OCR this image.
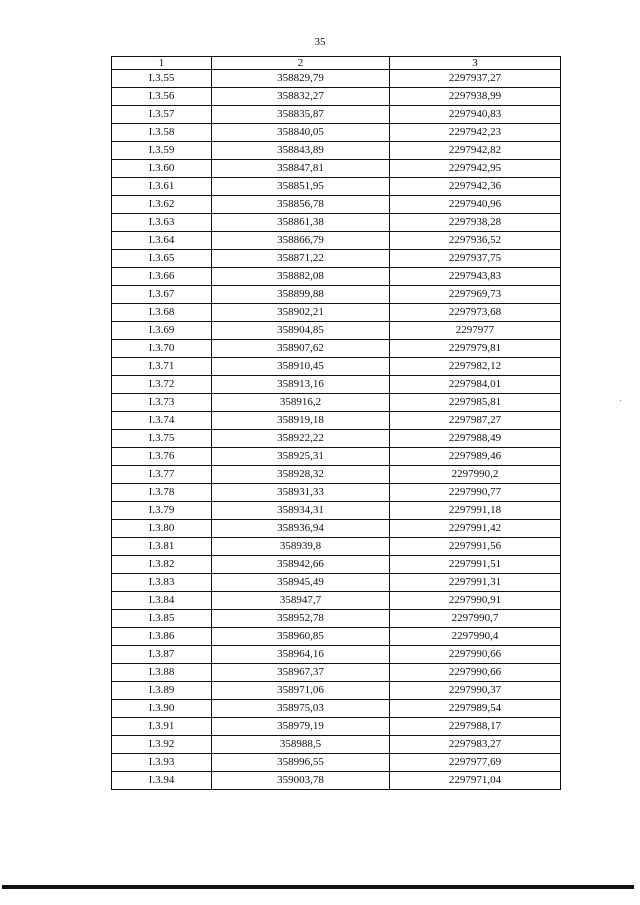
35
1	2	3
I.3.55	358829,79	2297937,27
I.3.56	358832,27	2297938,99
I.3.57	358835,87	2297940,83
I.3.58	358840,05	2297942,23
I.3.59	358843,89	2297942,82
I.3.60	358847,81	2297942,95
I.3.61	358851,95	2297942,36
I.3.62	358856,78	2297940,96
I.3.63	358861,38	2297938,28
I.3.64	358866,79	2297936,52
I.3.65	358871,22	2297937,75
I.3.66	358882,08	2297943,83
I.3.67	358899,88	2297969,73
I.3.68	358902,21	2297973,68
I.3.69	358904,85	2297977
I.3.70	358907,62	2297979,81
I.3.71	358910,45	2297982,12
I.3.72	358913,16	2297984,01
I.3.73	358916,2	2297985,81
I.3.74	358919,18	2297987,27
I.3.75	358922,22	2297988,49
I.3.76	358925,31	2297989,46
I.3.77	358928,32	2297990,2
I.3.78	358931,33	2297990,77
I.3.79	358934,31	2297991,18
I.3.80	358936,94	2297991,42
I.3.81	358939,8	2297991,56
I.3.82	358942,66	2297991,51
I.3.83	358945,49	2297991,31
I.3.84	358947,7	2297990,91
I.3.85	358952,78	2297990,7
I.3.86	358960,85	2297990,4
I.3.87	358964,16	2297990,66
I.3.88	358967,37	2297990,66
I.3.89	358971,06	2297990,37
I.3.90	358975,03	2297989,54
I.3.91	358979,19	2297988,17
I.3.92	358988,5	2297983,27
I.3.93	358996,55	2297977,69
I.3.94	359003,78	2297971,04
